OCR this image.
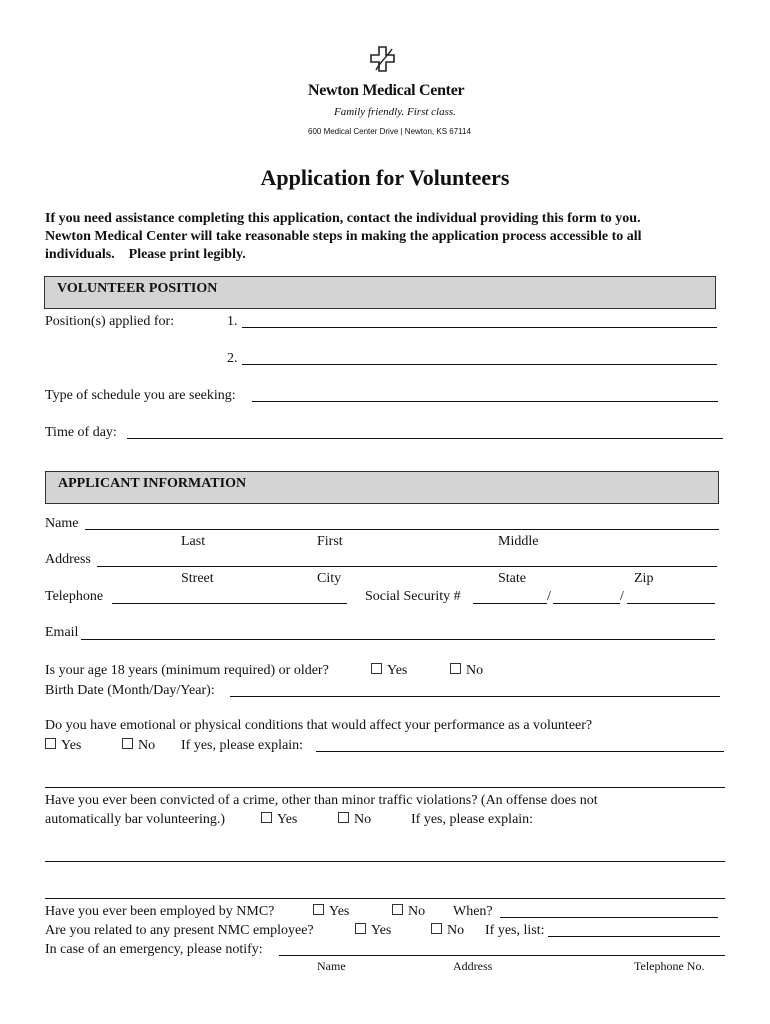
Newton Medical Center
Family friendly. First class.
600 Medical Center Drive | Newton, KS 67114
Application for Volunteers
If you need assistance completing this application, contact the individual providing this form to you.
Newton Medical Center will take reasonable steps in making the application process accessible to all
individuals.    Please print legibly.
VOLUNTEER POSITION
Position(s) applied for:	1.
2.
Type of schedule you are seeking:
Time of day:
APPLICANT INFORMATION
Name
Last	First	Middle
Address
Street	City	State	Zip
Telephone	Social Security #	/	/
Email
Is your age 18 years (minimum required) or older?	Yes	No
Birth Date (Month/Day/Year):
Do you have emotional or physical conditions that would affect your performance as a volunteer?
Yes	No If yes, please explain:
Have you ever been convicted of a crime, other than minor traffic violations? (An offense does not
automatically bar volunteering.)	Yes	No	If yes, please explain:
Have you ever been employed by NMC?	Yes	No When?
Are you related to any present NMC employee?	Yes	No If yes, list:
In case of an emergency, please notify:
Name	Address	Telephone No.
